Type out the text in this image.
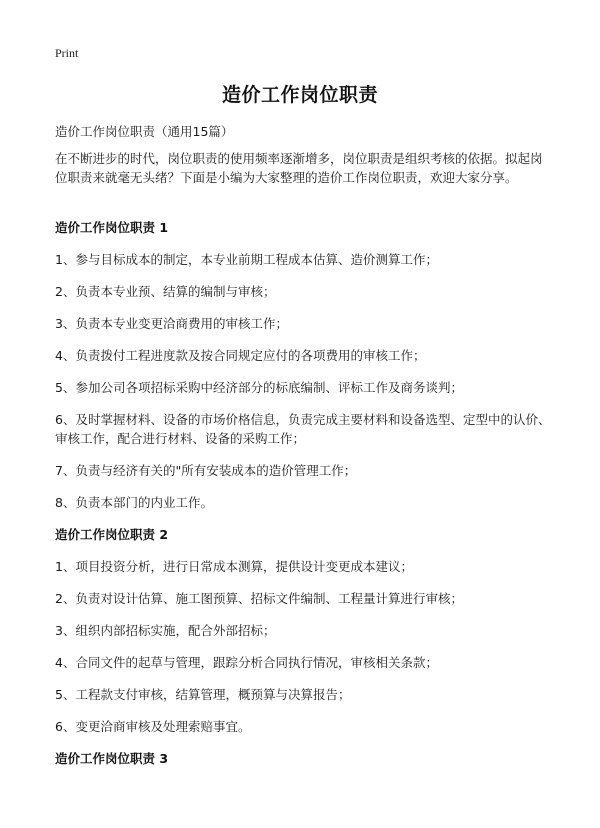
Print
造价工作岗位职责
造价工作岗位职责（通用15篇）
在不断进步的时代，岗位职责的使用频率逐渐增多，岗位职责是组织考核的依据。拟起岗位职责来就毫无头绪？下面是小编为大家整理的造价工作岗位职责，欢迎大家分享。
造价工作岗位职责 1
1、参与目标成本的制定，本专业前期工程成本估算、造价测算工作；
2、负责本专业预、结算的编制与审核；
3、负责本专业变更洽商费用的审核工作；
4、负责拨付工程进度款及按合同规定应付的各项费用的审核工作；
5、参加公司各项招标采购中经济部分的标底编制、评标工作及商务谈判；
6、及时掌握材料、设备的市场价格信息，负责完成主要材料和设备选型、定型中的认价、审核工作，配合进行材料、设备的采购工作；
7、负责与经济有关的"所有安装成本的造价管理工作；
8、负责本部门的内业工作。
造价工作岗位职责 2
1、项目投资分析，进行日常成本测算，提供设计变更成本建议；
2、负责对设计估算、施工图预算、招标文件编制、工程量计算进行审核；
3、组织内部招标实施，配合外部招标；
4、合同文件的起草与管理，跟踪分析合同执行情况，审核相关条款；
5、工程款支付审核，结算管理，概预算与决算报告；
6、变更洽商审核及处理索赔事宜。
造价工作岗位职责 3
